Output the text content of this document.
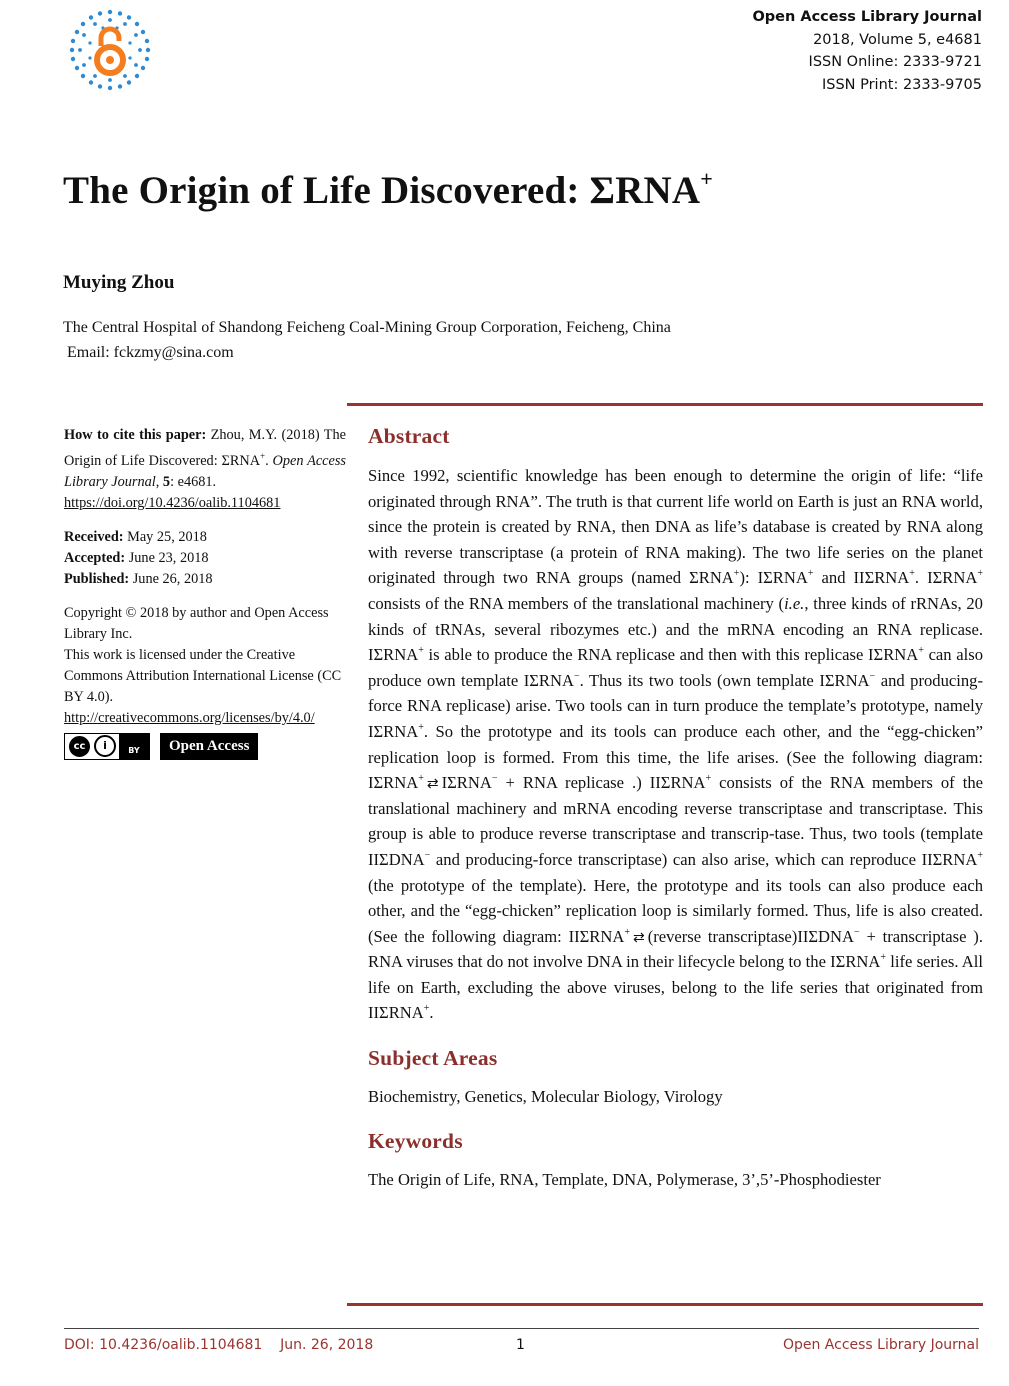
Open Access Library Journal
2018, Volume 5, e4681
ISSN Online: 2333-9721
ISSN Print: 2333-9705
The Origin of Life Discovered: ΣRNA+
Muying Zhou
The Central Hospital of Shandong Feicheng Coal-Mining Group Corporation, Feicheng, China
Email: fckzmy@sina.com

How to cite this paper: Zhou, M.Y. (2018) The Origin of Life Discovered: ΣRNA+. Open Access Library Journal, 5: e4681.
https://doi.org/10.4236/oalib.1104681

Received: May 25, 2018

Accepted: June 23, 2018

Published: June 26, 2018

Copyright © 2018 by author and Open Access Library Inc.

This work is licensed under the Creative Commons Attribution International License (CC BY 4.0).

http://creativecommons.org/licenses/by/4.0/

cc	i	BY	Open Access
Abstract

Since 1992, scientific knowledge has been enough to determine the origin of life: “life originated through RNA”. The truth is that current life world on Earth is just an RNA world, since the protein is created by RNA, then DNA as life’s database is created by RNA along with reverse transcriptase (a protein of RNA making). The two life series on the planet originated through two RNA groups (named ΣRNA+): IΣRNA+ and IIΣRNA+. IΣRNA+ consists of the RNA members of the translational machinery (i.e., three kinds of rRNAs, 20 kinds of tRNAs, several ribozymes etc.) and the mRNA encoding an RNA replicase. IΣRNA+ is able to produce the RNA replicase and then with this replicase IΣRNA+ can also produce own template IΣRNA−. Thus its two tools (own template IΣRNA− and producing-force RNA replicase) arise. Two tools can in turn produce the template’s prototype, namely IΣRNA+. So the prototype and its tools can produce each other, and the “egg-chicken” replication loop is formed. From this time, the life arises. (See the following diagram: IΣRNA+ ⇄ IΣRNA− + RNA replicase .) IIΣRNA+ consists of the RNA members of the translational machinery and mRNA encoding reverse transcriptase and transcriptase. This group is able to produce reverse transcriptase and transcrip-tase. Thus, two tools (template IIΣDNA− and producing-force transcriptase) can also arise, which can reproduce IIΣRNA+ (the prototype of the template). Here, the prototype and its tools can also produce each other, and the “egg-chicken” replication loop is similarly formed. Thus, life is also created. (See the following diagram: IIΣRNA+ ⇄ (reverse transcriptase)IIΣDNA− + transcriptase ). RNA viruses that do not involve DNA in their lifecycle belong to the IΣRNA+ life series. All life on Earth, excluding the above viruses, belong to the life series that originated from IIΣRNA+.

Subject Areas

Biochemistry, Genetics, Molecular Biology, Virology

Keywords

The Origin of Life, RNA, Template, DNA, Polymerase, 3’,5’-Phosphodiester

DOI: 10.4236/oalib.1104681    Jun. 26, 2018	1	Open Access Library Journal
